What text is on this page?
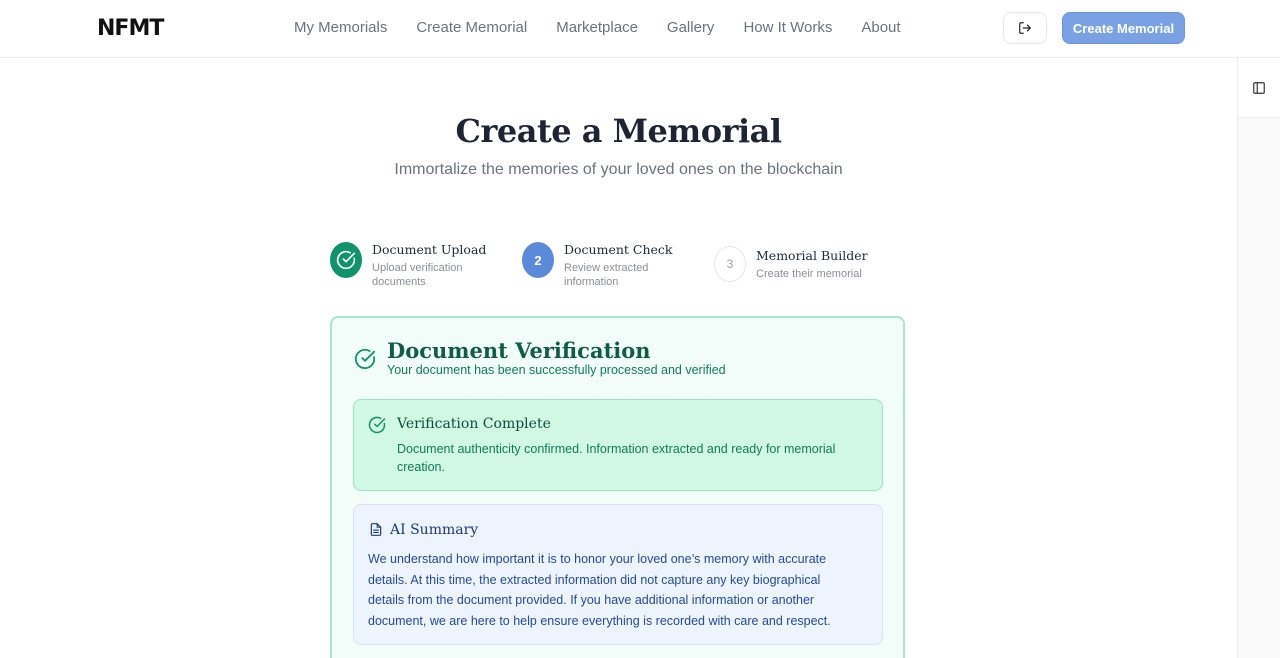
NFMT	My Memorials Create Memorial Marketplace Gallery How It Works About	Create Memorial
Create a Memorial

Immortalize the memories of your loved ones on the blockchain

Document Upload
Upload verification
documents
2
Document Check
Review extracted
information
3
Memorial Builder
Create their memorial
Document Verification
Your document has been successfully processed and verified
Verification Complete
Document authenticity confirmed. Information extracted and ready for memorial creation.
AI Summary
We understand how important it is to honor your loved one’s memory with accurate details. At this time, the extracted information did not capture any key biographical details from the document provided. If you have additional information or another document, we are here to help ensure everything is recorded with care and respect.
